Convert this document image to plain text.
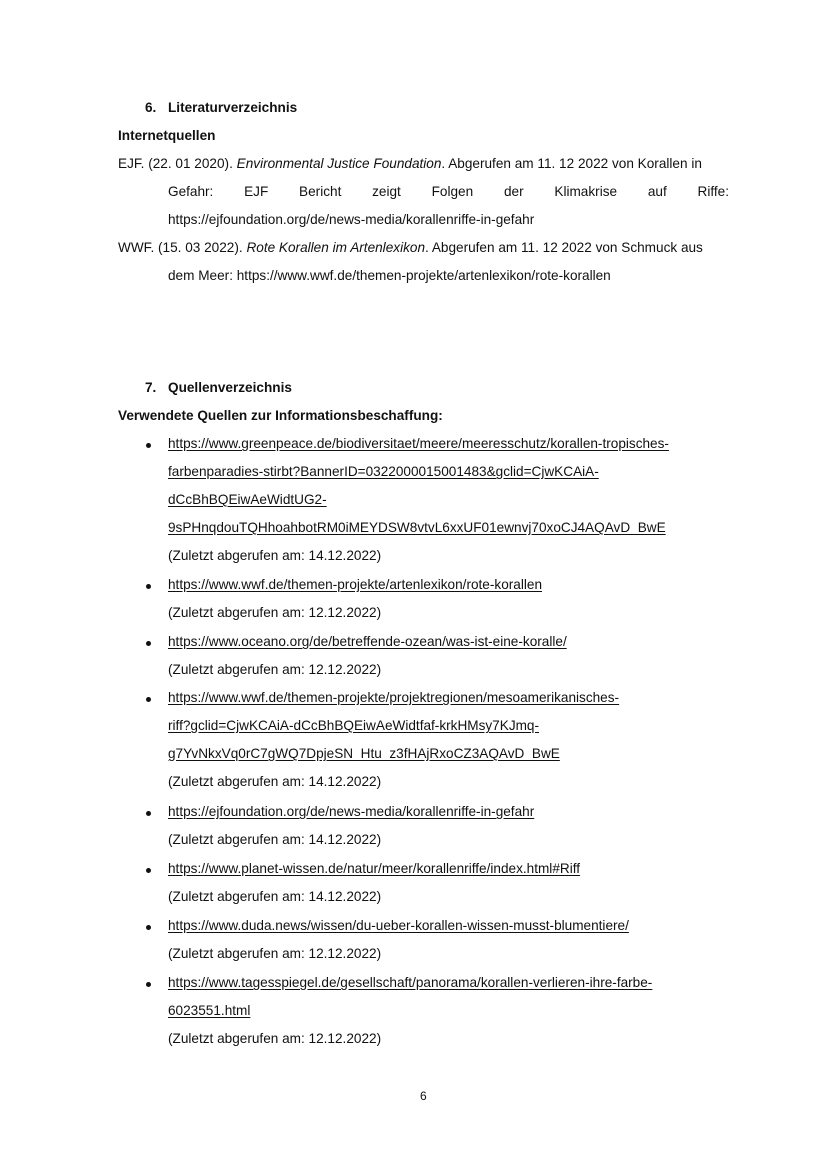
6. Literaturverzeichnis
Internetquellen
EJF. (22. 01 2020). Environmental Justice Foundation. Abgerufen am 11. 12 2022 von Korallen in
Gefahr: EJF Bericht zeigt Folgen der Klimakrise auf Riffe:
https://ejfoundation.org/de/news-media/korallenriffe-in-gefahr
WWF. (15. 03 2022). Rote Korallen im Artenlexikon. Abgerufen am 11. 12 2022 von Schmuck aus
dem Meer: https://www.wwf.de/themen-projekte/artenlexikon/rote-korallen
7. Quellenverzeichnis
Verwendete Quellen zur Informationsbeschaffung:
https://www.greenpeace.de/biodiversitaet/meere/meeresschutz/korallen-tropisches-
farbenparadies-stirbt?BannerID=0322000015001483&gclid=CjwKCAiA-
dCcBhBQEiwAeWidtUG2-
9sPHnqdouTQHhoahbotRM0iMEYDSW8vtvL6xxUF01ewnvj70xoCJ4AQAvD_BwE
(Zuletzt abgerufen am: 14.12.2022)
https://www.wwf.de/themen-projekte/artenlexikon/rote-korallen
(Zuletzt abgerufen am: 12.12.2022)
https://www.oceano.org/de/betreffende-ozean/was-ist-eine-koralle/
(Zuletzt abgerufen am: 12.12.2022)
https://www.wwf.de/themen-projekte/projektregionen/mesoamerikanisches-
riff?gclid=CjwKCAiA-dCcBhBQEiwAeWidtfaf-krkHMsy7KJmq-
g7YvNkxVq0rC7gWQ7DpjeSN_Htu_z3fHAjRxoCZ3AQAvD_BwE
(Zuletzt abgerufen am: 14.12.2022)
https://ejfoundation.org/de/news-media/korallenriffe-in-gefahr
(Zuletzt abgerufen am: 14.12.2022)
https://www.planet-wissen.de/natur/meer/korallenriffe/index.html#Riff
(Zuletzt abgerufen am: 14.12.2022)
https://www.duda.news/wissen/du-ueber-korallen-wissen-musst-blumentiere/
(Zuletzt abgerufen am: 12.12.2022)
https://www.tagesspiegel.de/gesellschaft/panorama/korallen-verlieren-ihre-farbe-
6023551.html
(Zuletzt abgerufen am: 12.12.2022)
6
